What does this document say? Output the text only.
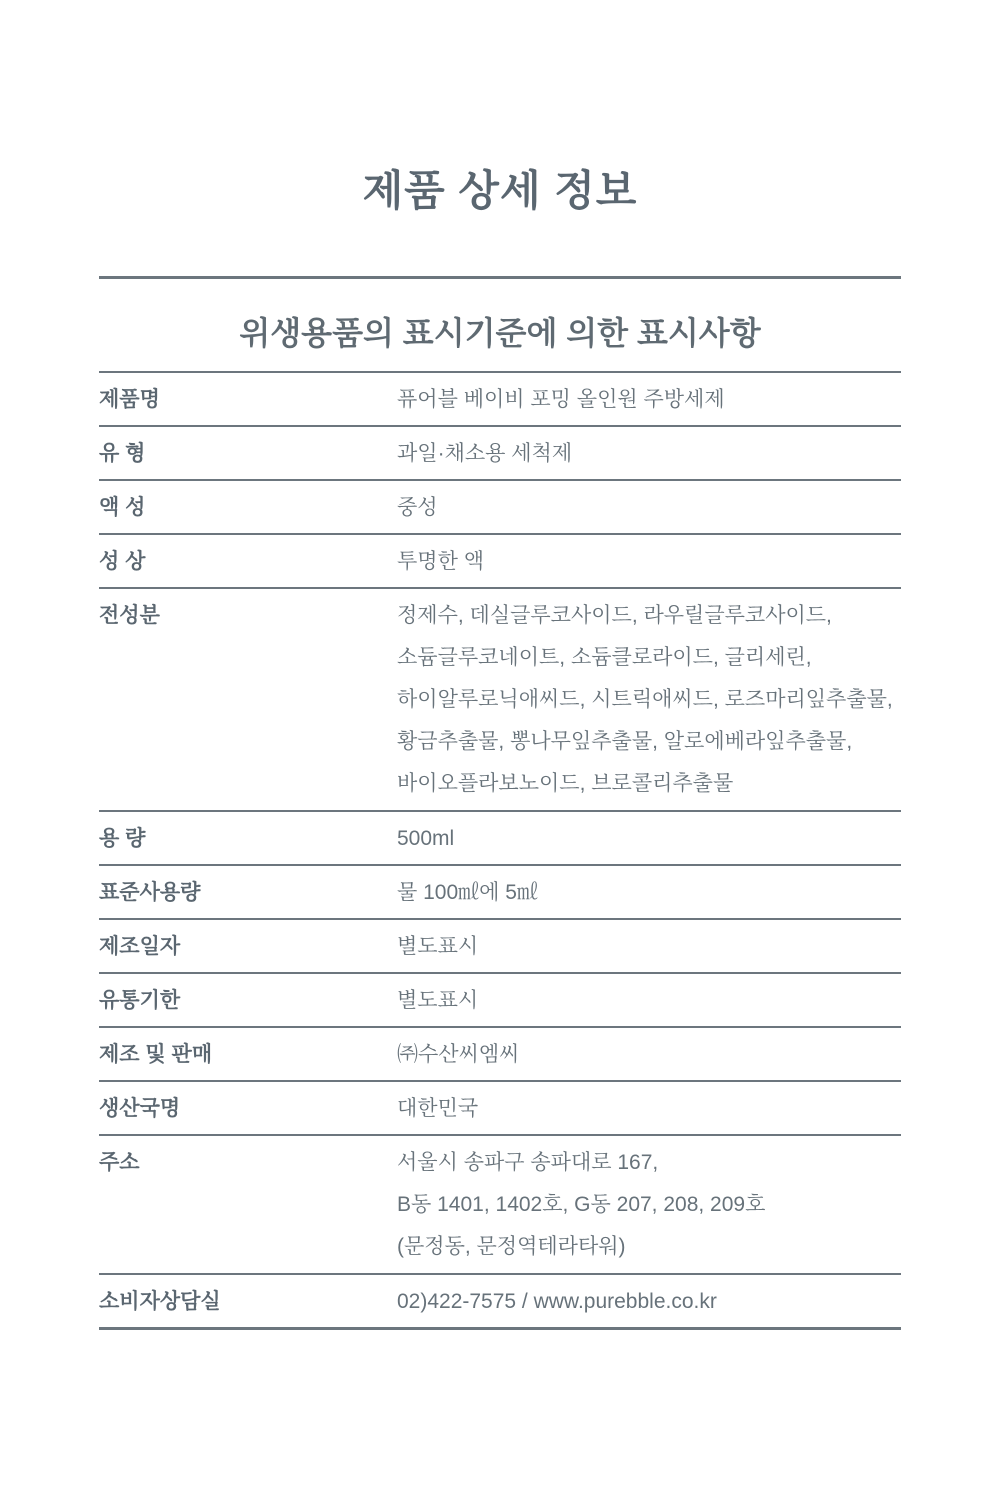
제품 상세 정보
위생용품의 표시기준에 의한 표시사항
제품명	퓨어블 베이비 포밍 올인원 주방세제
유 형	과일·채소용 세척제
액 성	중성
성 상	투명한 액
전성분	정제수, 데실글루코사이드, 라우릴글루코사이드,
소듐글루코네이트, 소듐클로라이드, 글리세린,
하이알루로닉애씨드, 시트릭애씨드, 로즈마리잎추출물,
황금추출물, 뽕나무잎추출물, 알로에베라잎추출물,
바이오플라보노이드, 브로콜리추출물
용 량	500ml
표준사용량	물 100㎖에 5㎖
제조일자	별도표시
유통기한	별도표시
제조 및 판매	㈜수산씨엠씨
생산국명	대한민국
주소	서울시 송파구 송파대로 167,
B동 1401, 1402호, G동 207, 208, 209호
(문정동, 문정역테라타워)
소비자상담실	02)422-7575 / www.purebble.co.kr
